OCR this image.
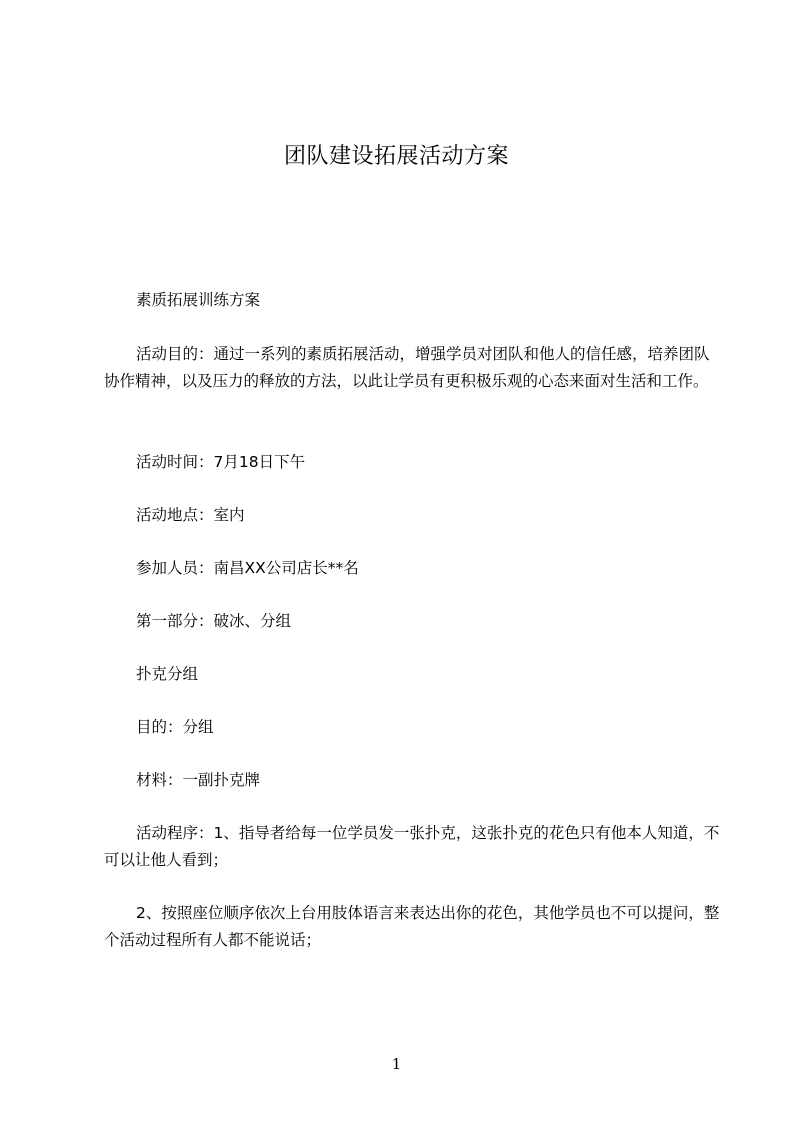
团队建设拓展活动方案

素质拓展训练方案

活动目的：通过一系列的素质拓展活动，增强学员对团队和他人的信任感，培养团队协作精神，以及压力的释放的方法，以此让学员有更积极乐观的心态来面对生活和工作。

活动时间：7月18日下午

活动地点：室内

参加人员：南昌XX公司店长**名

第一部分：破冰、分组

扑克分组

目的：分组

材料：一副扑克牌

活动程序：1、指导者给每一位学员发一张扑克，这张扑克的花色只有他本人知道，不可以让他人看到；

2、按照座位顺序依次上台用肢体语言来表达出你的花色，其他学员也不可以提问，整个活动过程所有人都不能说话；

1
